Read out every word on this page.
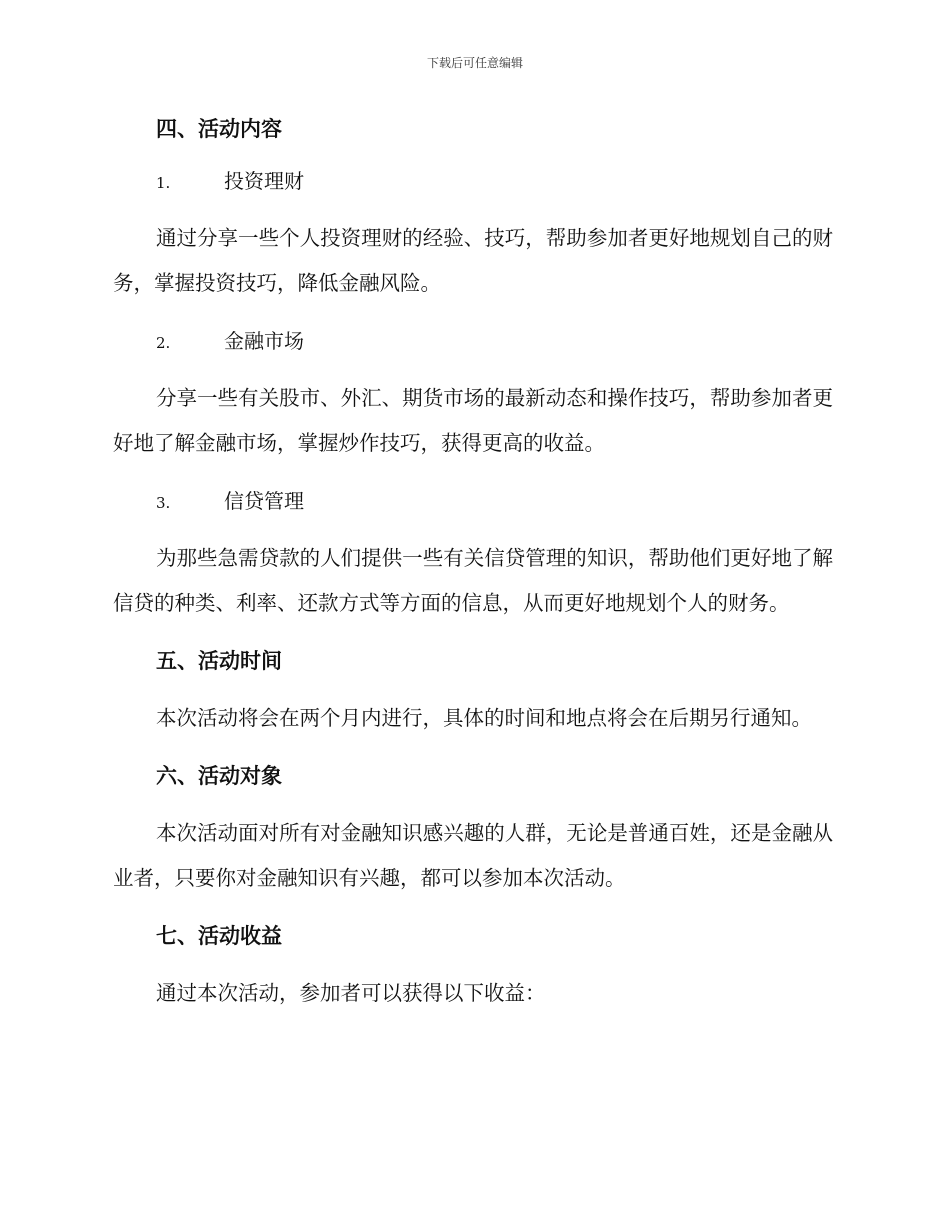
下载后可任意编辑
四、活动内容
1.	投资理财

通过分享一些个人投资理财的经验、技巧，帮助参加者更好地规划自己的财务，掌握投资技巧，降低金融风险。

2.	金融市场

分享一些有关股市、外汇、期货市场的最新动态和操作技巧，帮助参加者更好地了解金融市场，掌握炒作技巧，获得更高的收益。

3.	信贷管理

为那些急需贷款的人们提供一些有关信贷管理的知识，帮助他们更好地了解信贷的种类、利率、还款方式等方面的信息，从而更好地规划个人的财务。

五、活动时间

本次活动将会在两个月内进行，具体的时间和地点将会在后期另行通知。

六、活动对象

本次活动面对所有对金融知识感兴趣的人群，无论是普通百姓，还是金融从业者，只要你对金融知识有兴趣，都可以参加本次活动。

七、活动收益

通过本次活动，参加者可以获得以下收益：
